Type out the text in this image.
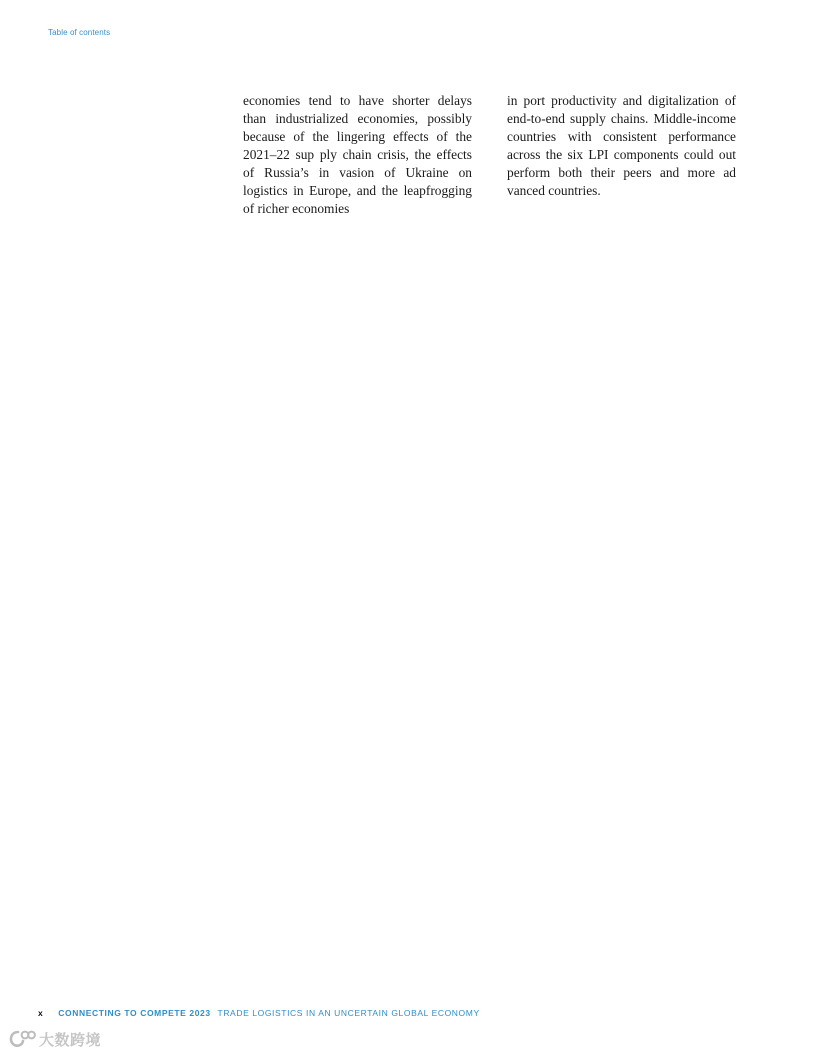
Table of contents
economies tend to have shorter delays than industrialized economies, possibly because of the lingering effects of the 2021–22 sup ply chain crisis, the effects of Russia’s in vasion of Ukraine on logistics in Europe, and the leapfrogging of richer economies
in port productivity and digitalization of end-to-end supply chains. Middle-income countries with consistent performance across the six LPI components could out perform both their peers and more ad vanced countries.
x CONNECTING TO COMPETE 2023 TRADE LOGISTICS IN AN UNCERTAIN GLOBAL ECONOMY
大数跨境
